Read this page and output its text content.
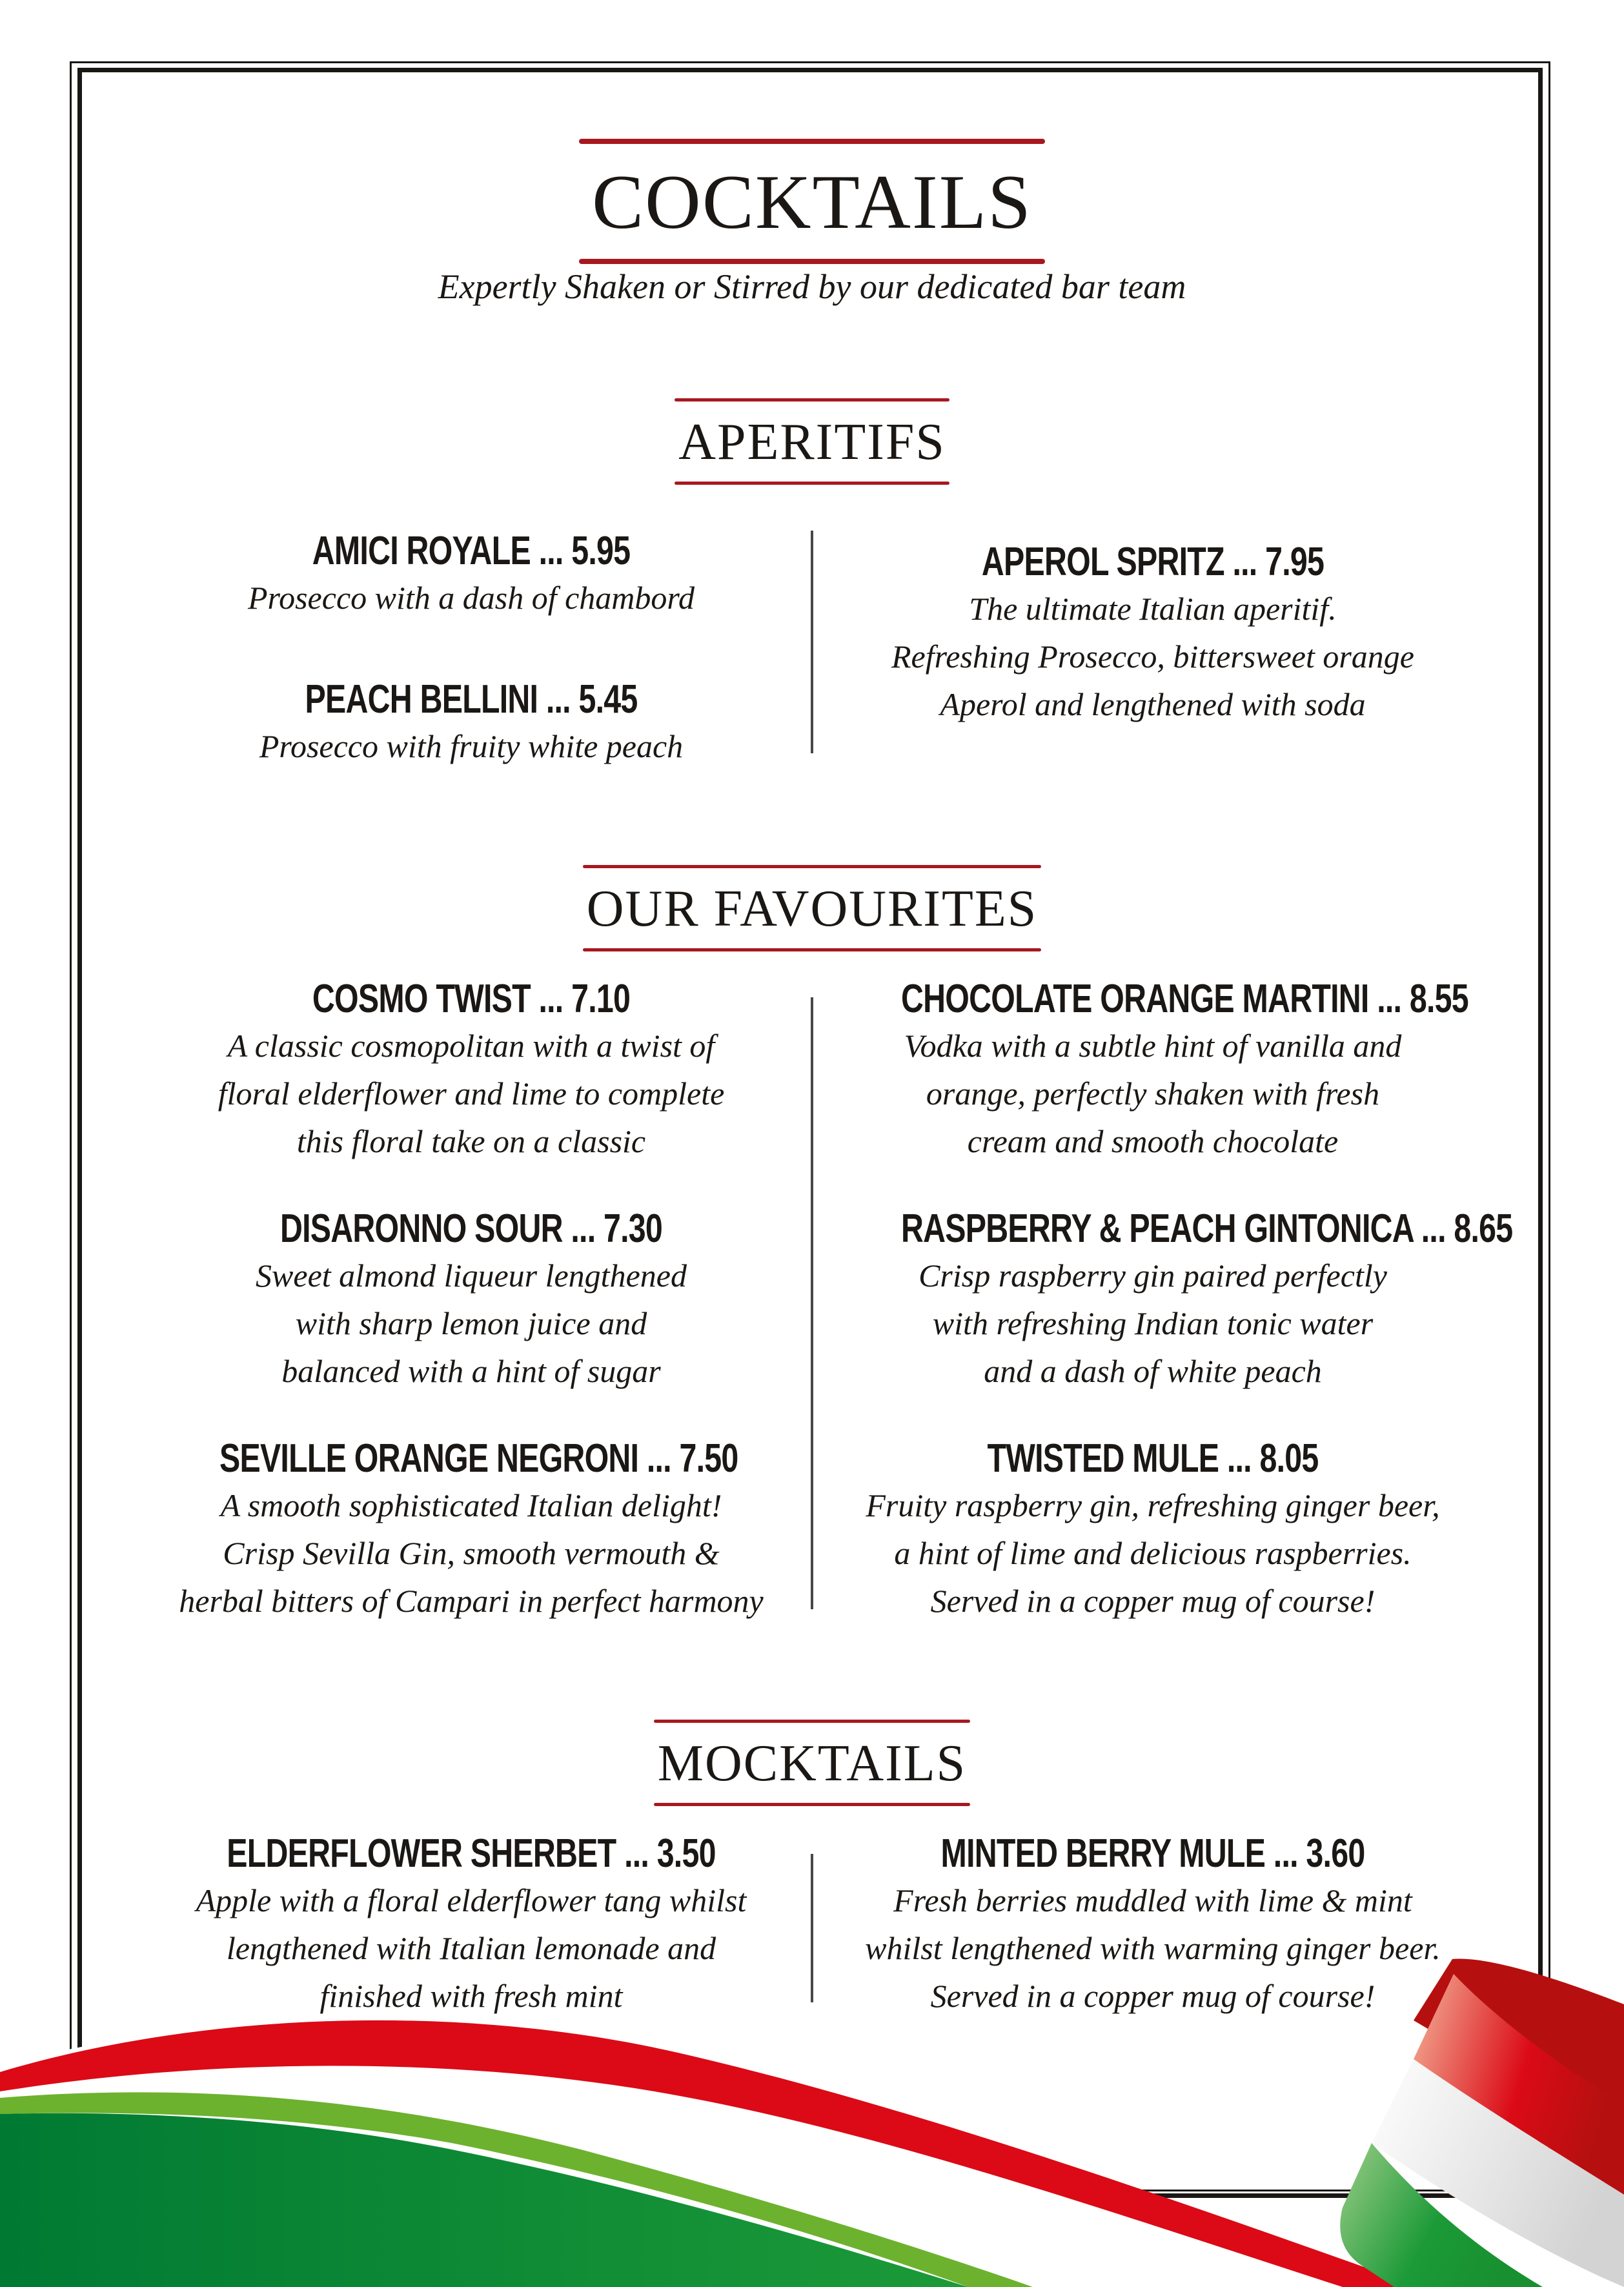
COCKTAILS
Expertly Shaken or Stirred by our dedicated bar team
APERITIFS
AMICI ROYALE ... 5.95
Prosecco with a dash of chambord
PEACH BELLINI ... 5.45
Prosecco with fruity white peach
APEROL SPRITZ ... 7.95
The ultimate Italian aperitif.
Refreshing Prosecco, bittersweet orange
Aperol and lengthened with soda
OUR FAVOURITES
COSMO TWIST ... 7.10
A classic cosmopolitan with a twist of
floral elderflower and lime to complete
this floral take on a classic
DISARONNO SOUR ... 7.30
Sweet almond liqueur lengthened
with sharp lemon juice and
balanced with a hint of sugar
SEVILLE ORANGE NEGRONI ... 7.50
A smooth sophisticated Italian delight!
Crisp Sevilla Gin, smooth vermouth &
herbal bitters of Campari in perfect harmony
CHOCOLATE ORANGE MARTINI ... 8.55
Vodka with a subtle hint of vanilla and
orange, perfectly shaken with fresh
cream and smooth chocolate
RASPBERRY & PEACH GINTONICA ... 8.65
Crisp raspberry gin paired perfectly
with refreshing Indian tonic water
and a dash of white peach
TWISTED MULE ... 8.05
Fruity raspberry gin, refreshing ginger beer,
a hint of lime and delicious raspberries.
Served in a copper mug of course!
MOCKTAILS
ELDERFLOWER SHERBET ... 3.50
Apple with a floral elderflower tang whilst
lengthened with Italian lemonade and
finished with fresh mint
MINTED BERRY MULE ... 3.60
Fresh berries muddled with lime & mint
whilst lengthened with warming ginger beer.
Served in a copper mug of course!
